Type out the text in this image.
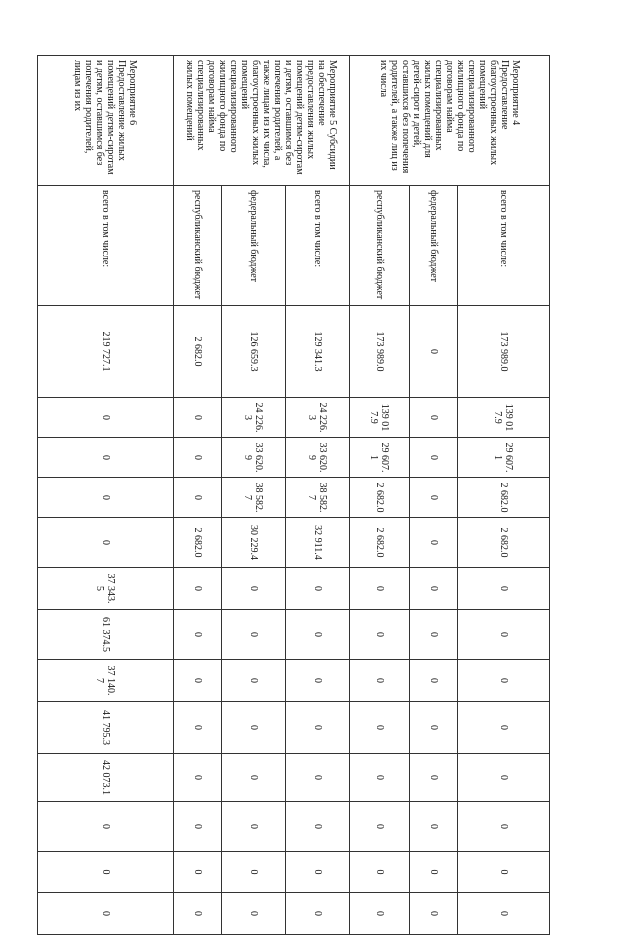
Мероприятие 4 Предоставление благоустроенных жилых помещений специализированного жилищного фонда по договорам найма специализированных жилых помещений для детей-сирот и детей, оставшихся без попечения родителей, а также лиц из их числа	всего в том числе:	173 989.0	139 017.9	29 607.1	2 682.0	2 682.0	0	0	0	0	0	0	0	0
	федеральный бюджет	0	0	0	0	0	0	0	0	0	0	0	0	0
	республиканский бюджет	173 989.0	139 017.9	29 607.1	2 682.0	2 682.0	0	0	0	0	0	0	0	0
Мероприятие 5 Субсидии на обеспечение предоставления жилых помещений детям-сиротам и детям, оставшимся без попечения родителей, а также лицам из их числа, благоустроенных жилых помещений специализированного жилищного фонда по договорам найма специализированных жилых помещений	всего в том числе:	129 341.3	24 226.3	33 620.9	38 582.7	32 911.4	0	0	0	0	0	0	0	0
	федеральный бюджет	126 659.3	24 226.3	33 620.9	38 582.7	30 229.4	0	0	0	0	0	0	0	0
	республиканский бюджет	2 682.0	0	0	0	2 682.0	0	0	0	0	0	0	0	0
Мероприятие 6 Предоставление жилых помещений детям-сиротам и детям, оставшимся без попечения родителей, лицам из их	всего в том числе:	219 727.1	0	0	0	0	37 343.5	61 374.5	37 140.7	41 795.3	42 073.1	0	0	0
